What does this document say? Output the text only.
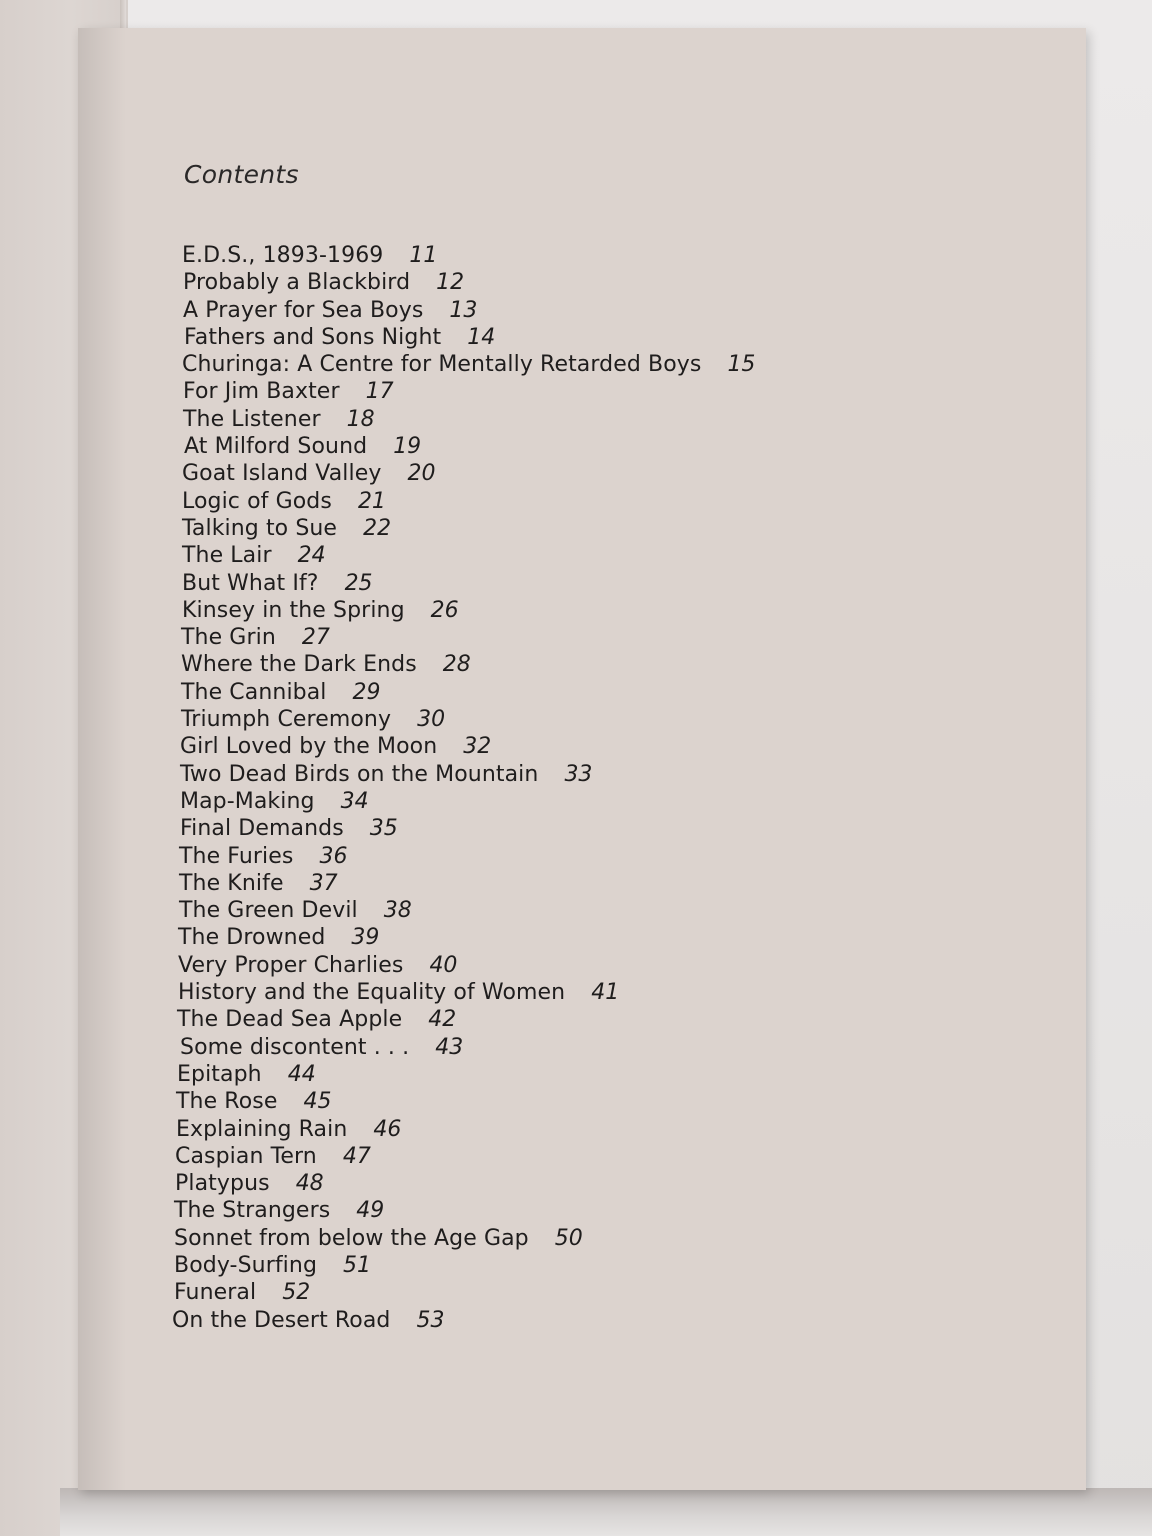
Contents
E.D.S., 1893-1969 11
Probably a Blackbird 12
A Prayer for Sea Boys 13
Fathers and Sons Night 14
Churinga: A Centre for Mentally Retarded Boys 15
For Jim Baxter 17
The Listener 18
At Milford Sound 19
Goat Island Valley 20
Logic of Gods 21
Talking to Sue 22
The Lair 24
But What If? 25
Kinsey in the Spring 26
The Grin 27
Where the Dark Ends 28
The Cannibal 29
Triumph Ceremony 30
Girl Loved by the Moon 32
Two Dead Birds on the Mountain 33
Map-Making 34
Final Demands 35
The Furies 36
The Knife 37
The Green Devil 38
The Drowned 39
Very Proper Charlies 40
History and the Equality of Women 41
The Dead Sea Apple 42
Some discontent . . . 43
Epitaph 44
The Rose 45
Explaining Rain 46
Caspian Tern 47
Platypus 48
The Strangers 49
Sonnet from below the Age Gap 50
Body-Surfing 51
Funeral 52
On the Desert Road 53
